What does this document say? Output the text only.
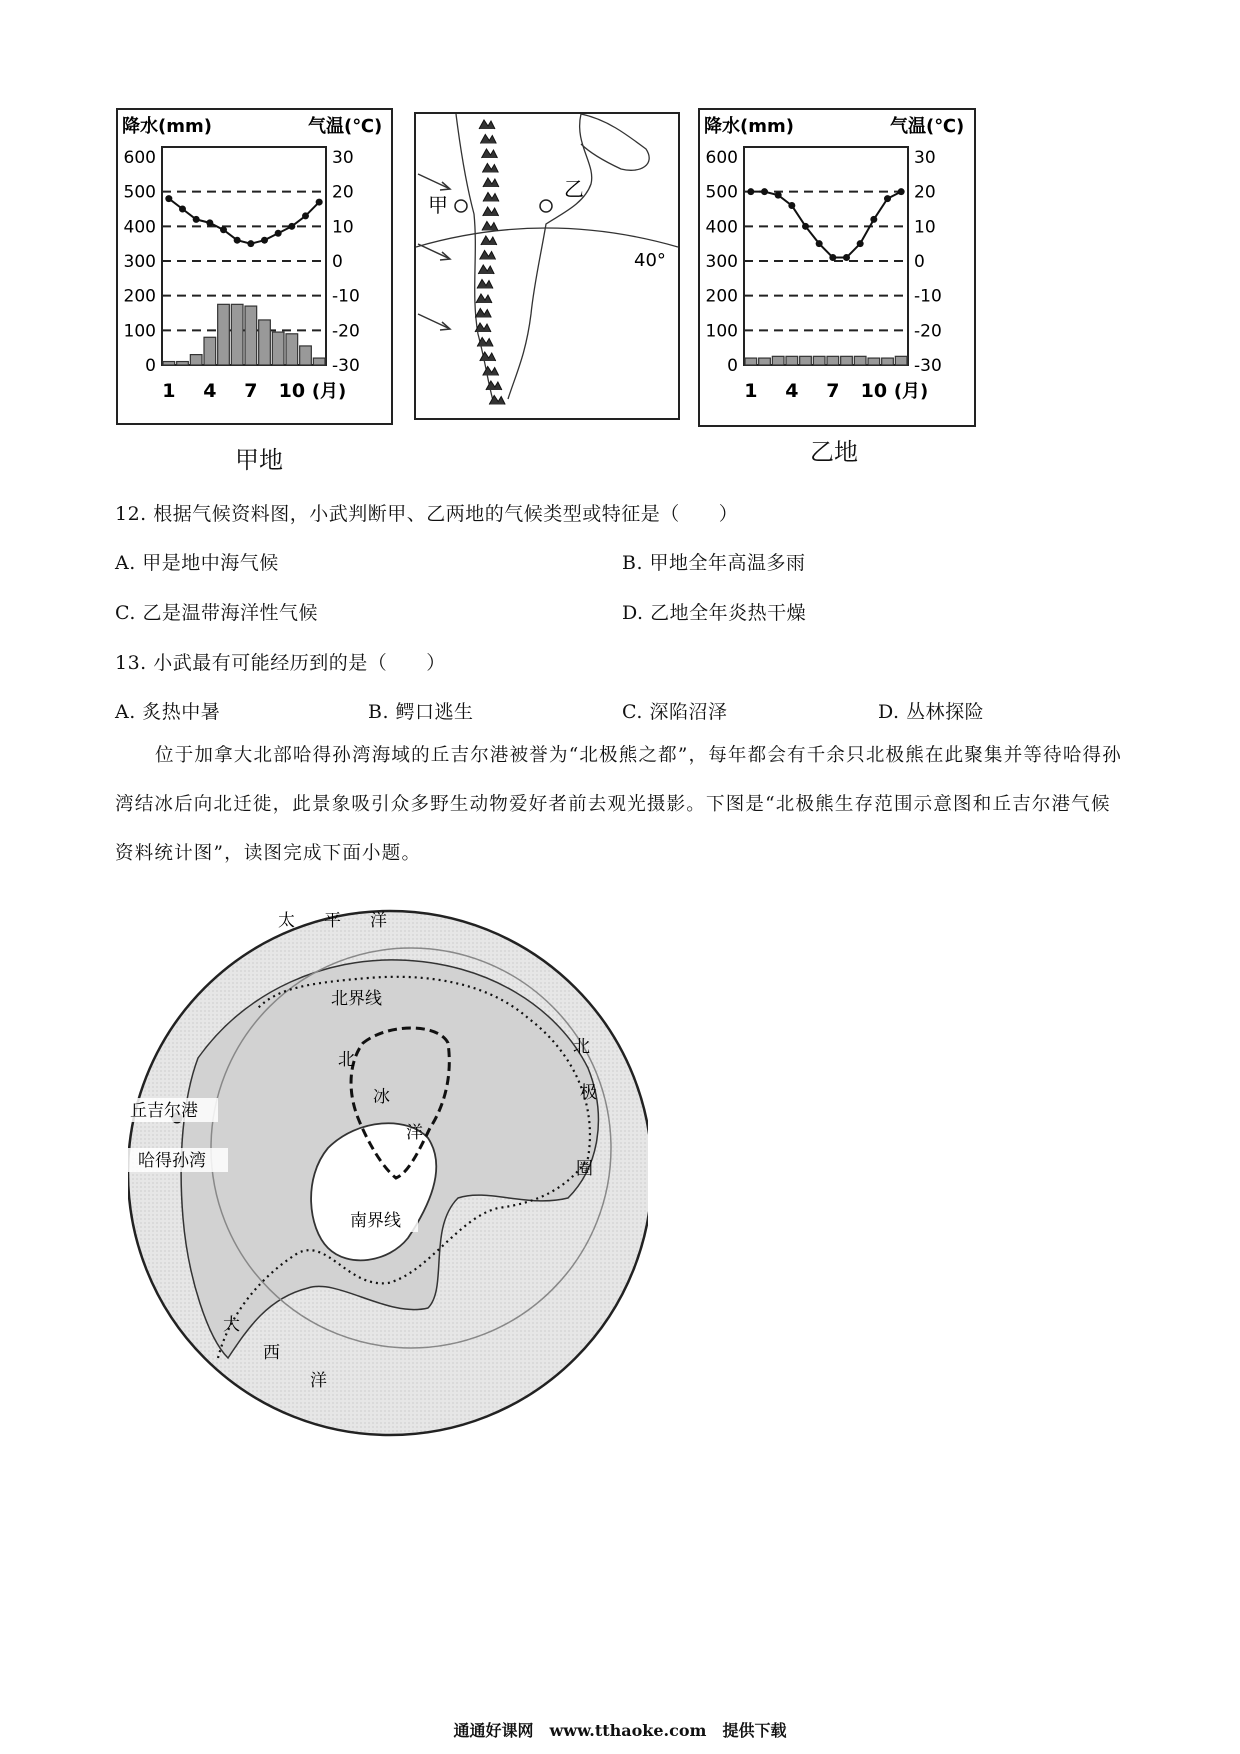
降水(mm)	气温(℃)
600
500
400
300
200
100
0
30
20
10
0
-10
-20
-30
1 4 7 10 (月)
甲地
甲
乙
40°
降水(mm)	气温(℃)
600
500
400
300
200
100
0
30
20
10
0
-10
-20
-30
1 4 7 10 (月)
乙地
12. 根据气候资料图，小武判断甲、乙两地的气候类型或特征是（　　）
A. 甲是地中海气候	B. 甲地全年高温多雨
C. 乙是温带海洋性气候	D. 乙地全年炎热干燥
13. 小武最有可能经历到的是（　　）
A. 炙热中暑	B. 鳄口逃生	C. 深陷沼泽	D. 丛林探险
位于加拿大北部哈得孙湾海域的丘吉尔港被誉为“北极熊之都”，每年都会有千余只北极熊在此聚集并等待哈得孙湾结冰后向北迁徙，此景象吸引众多野生动物爱好者前去观光摄影。下图是“北极熊生存范围示意图和丘吉尔港气候资料统计图”，读图完成下面小题。
太 平 洋
北界线
北
冰
洋
北
极
圈
丘吉尔港
哈得孙湾
南界线
大
西
洋
通通好课网　www.tthaoke.com　提供下载
